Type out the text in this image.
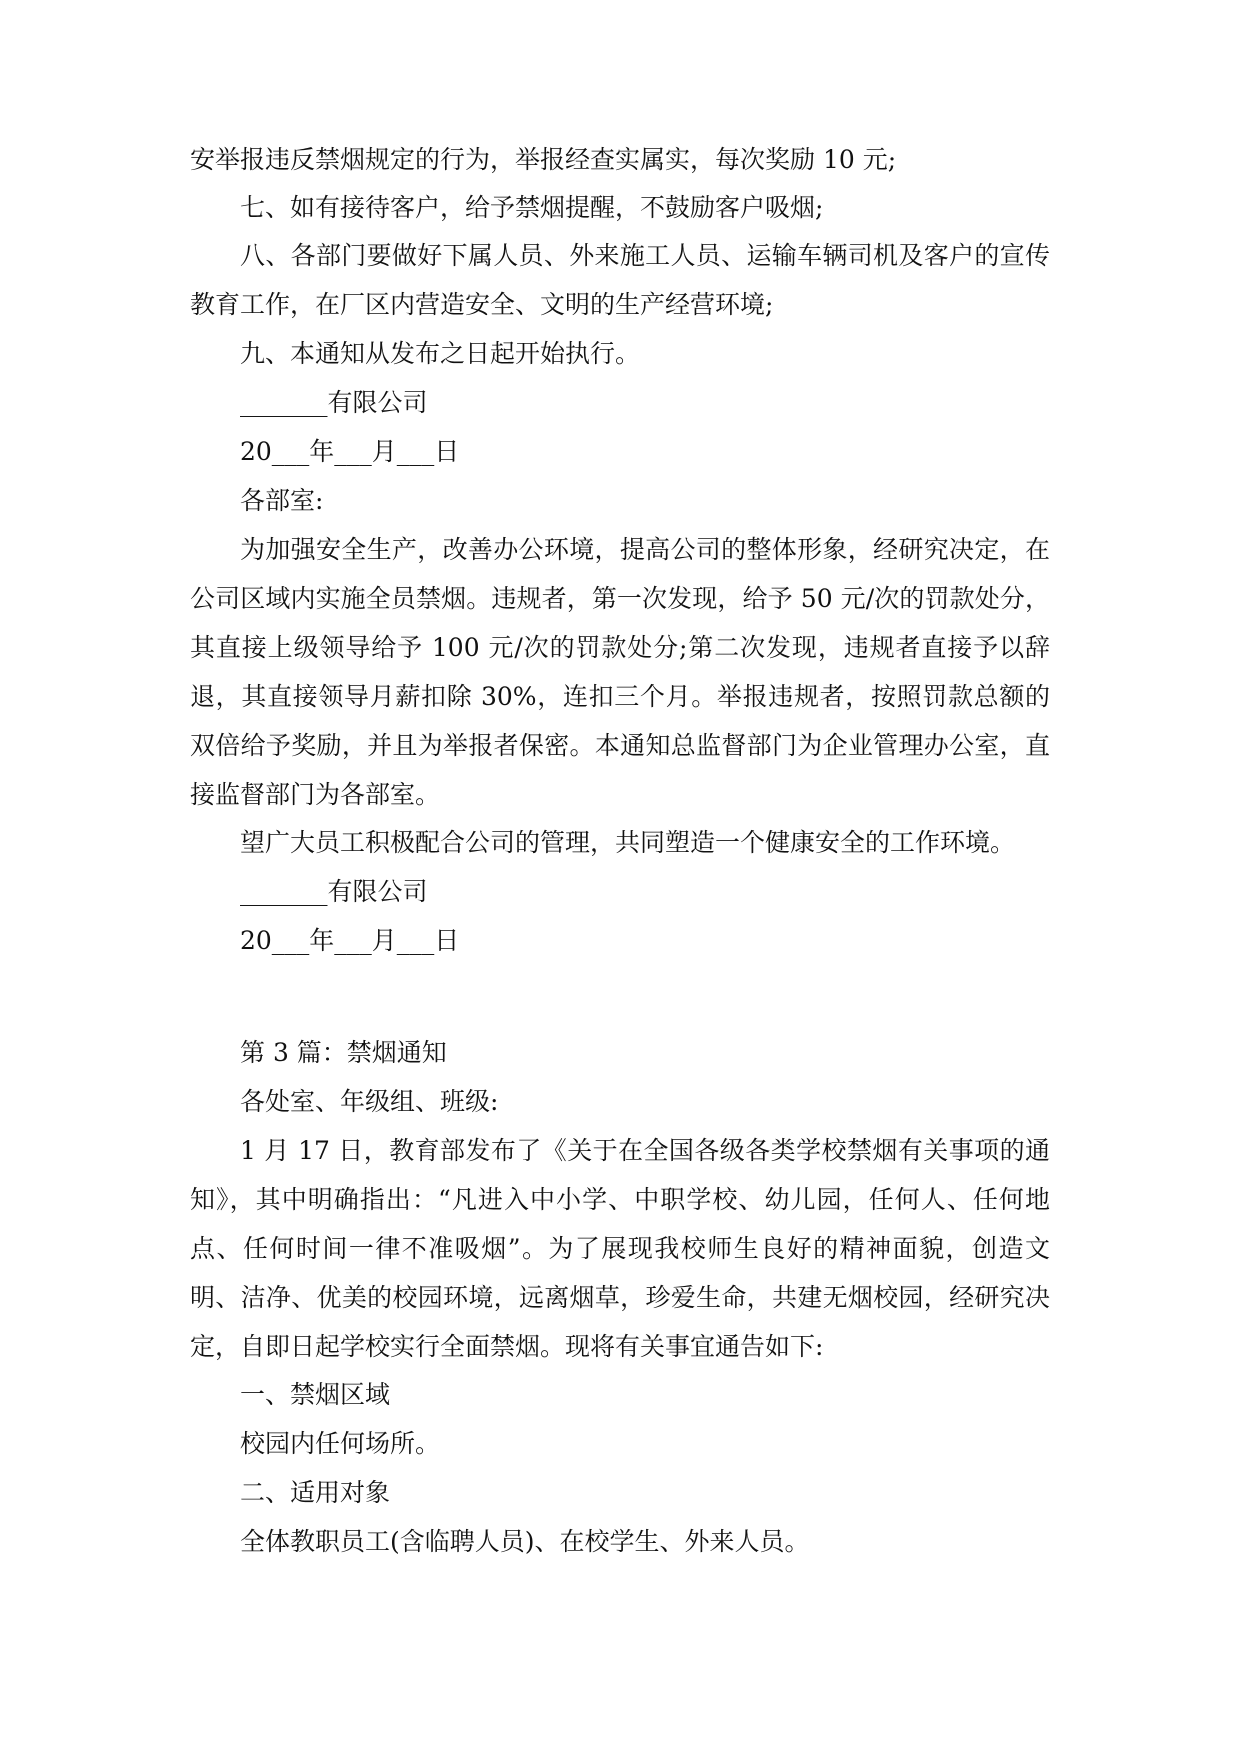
安举报违反禁烟规定的行为，举报经查实属实，每次奖励 10 元;

七、如有接待客户，给予禁烟提醒，不鼓励客户吸烟;

八、各部门要做好下属人员、外来施工人员、运输车辆司机及客户的宣传教育工作，在厂区内营造安全、文明的生产经营环境;

九、本通知从发布之日起开始执行。

_______有限公司

20___年___月___日

各部室:

为加强安全生产，改善办公环境，提高公司的整体形象，经研究决定，在公司区域内实施全员禁烟。违规者，第一次发现，给予 50 元/次的罚款处分，其直接上级领导给予 100 元/次的罚款处分;第二次发现，违规者直接予以辞退，其直接领导月薪扣除 30%，连扣三个月。举报违规者，按照罚款总额的双倍给予奖励，并且为举报者保密。本通知总监督部门为企业管理办公室，直接监督部门为各部室。

望广大员工积极配合公司的管理，共同塑造一个健康安全的工作环境。

_______有限公司

20___年___月___日

第 3 篇：禁烟通知

各处室、年级组、班级:

1 月 17 日，教育部发布了《关于在全国各级各类学校禁烟有关事项的通知》，其中明确指出：“凡进入中小学、中职学校、幼儿园，任何人、任何地点、任何时间一律不准吸烟”。为了展现我校师生良好的精神面貌，创造文明、洁净、优美的校园环境，远离烟草，珍爱生命，共建无烟校园，经研究决定，自即日起学校实行全面禁烟。现将有关事宜通告如下:

一、禁烟区域

校园内任何场所。

二、适用对象

全体教职员工(含临聘人员)、在校学生、外来人员。
